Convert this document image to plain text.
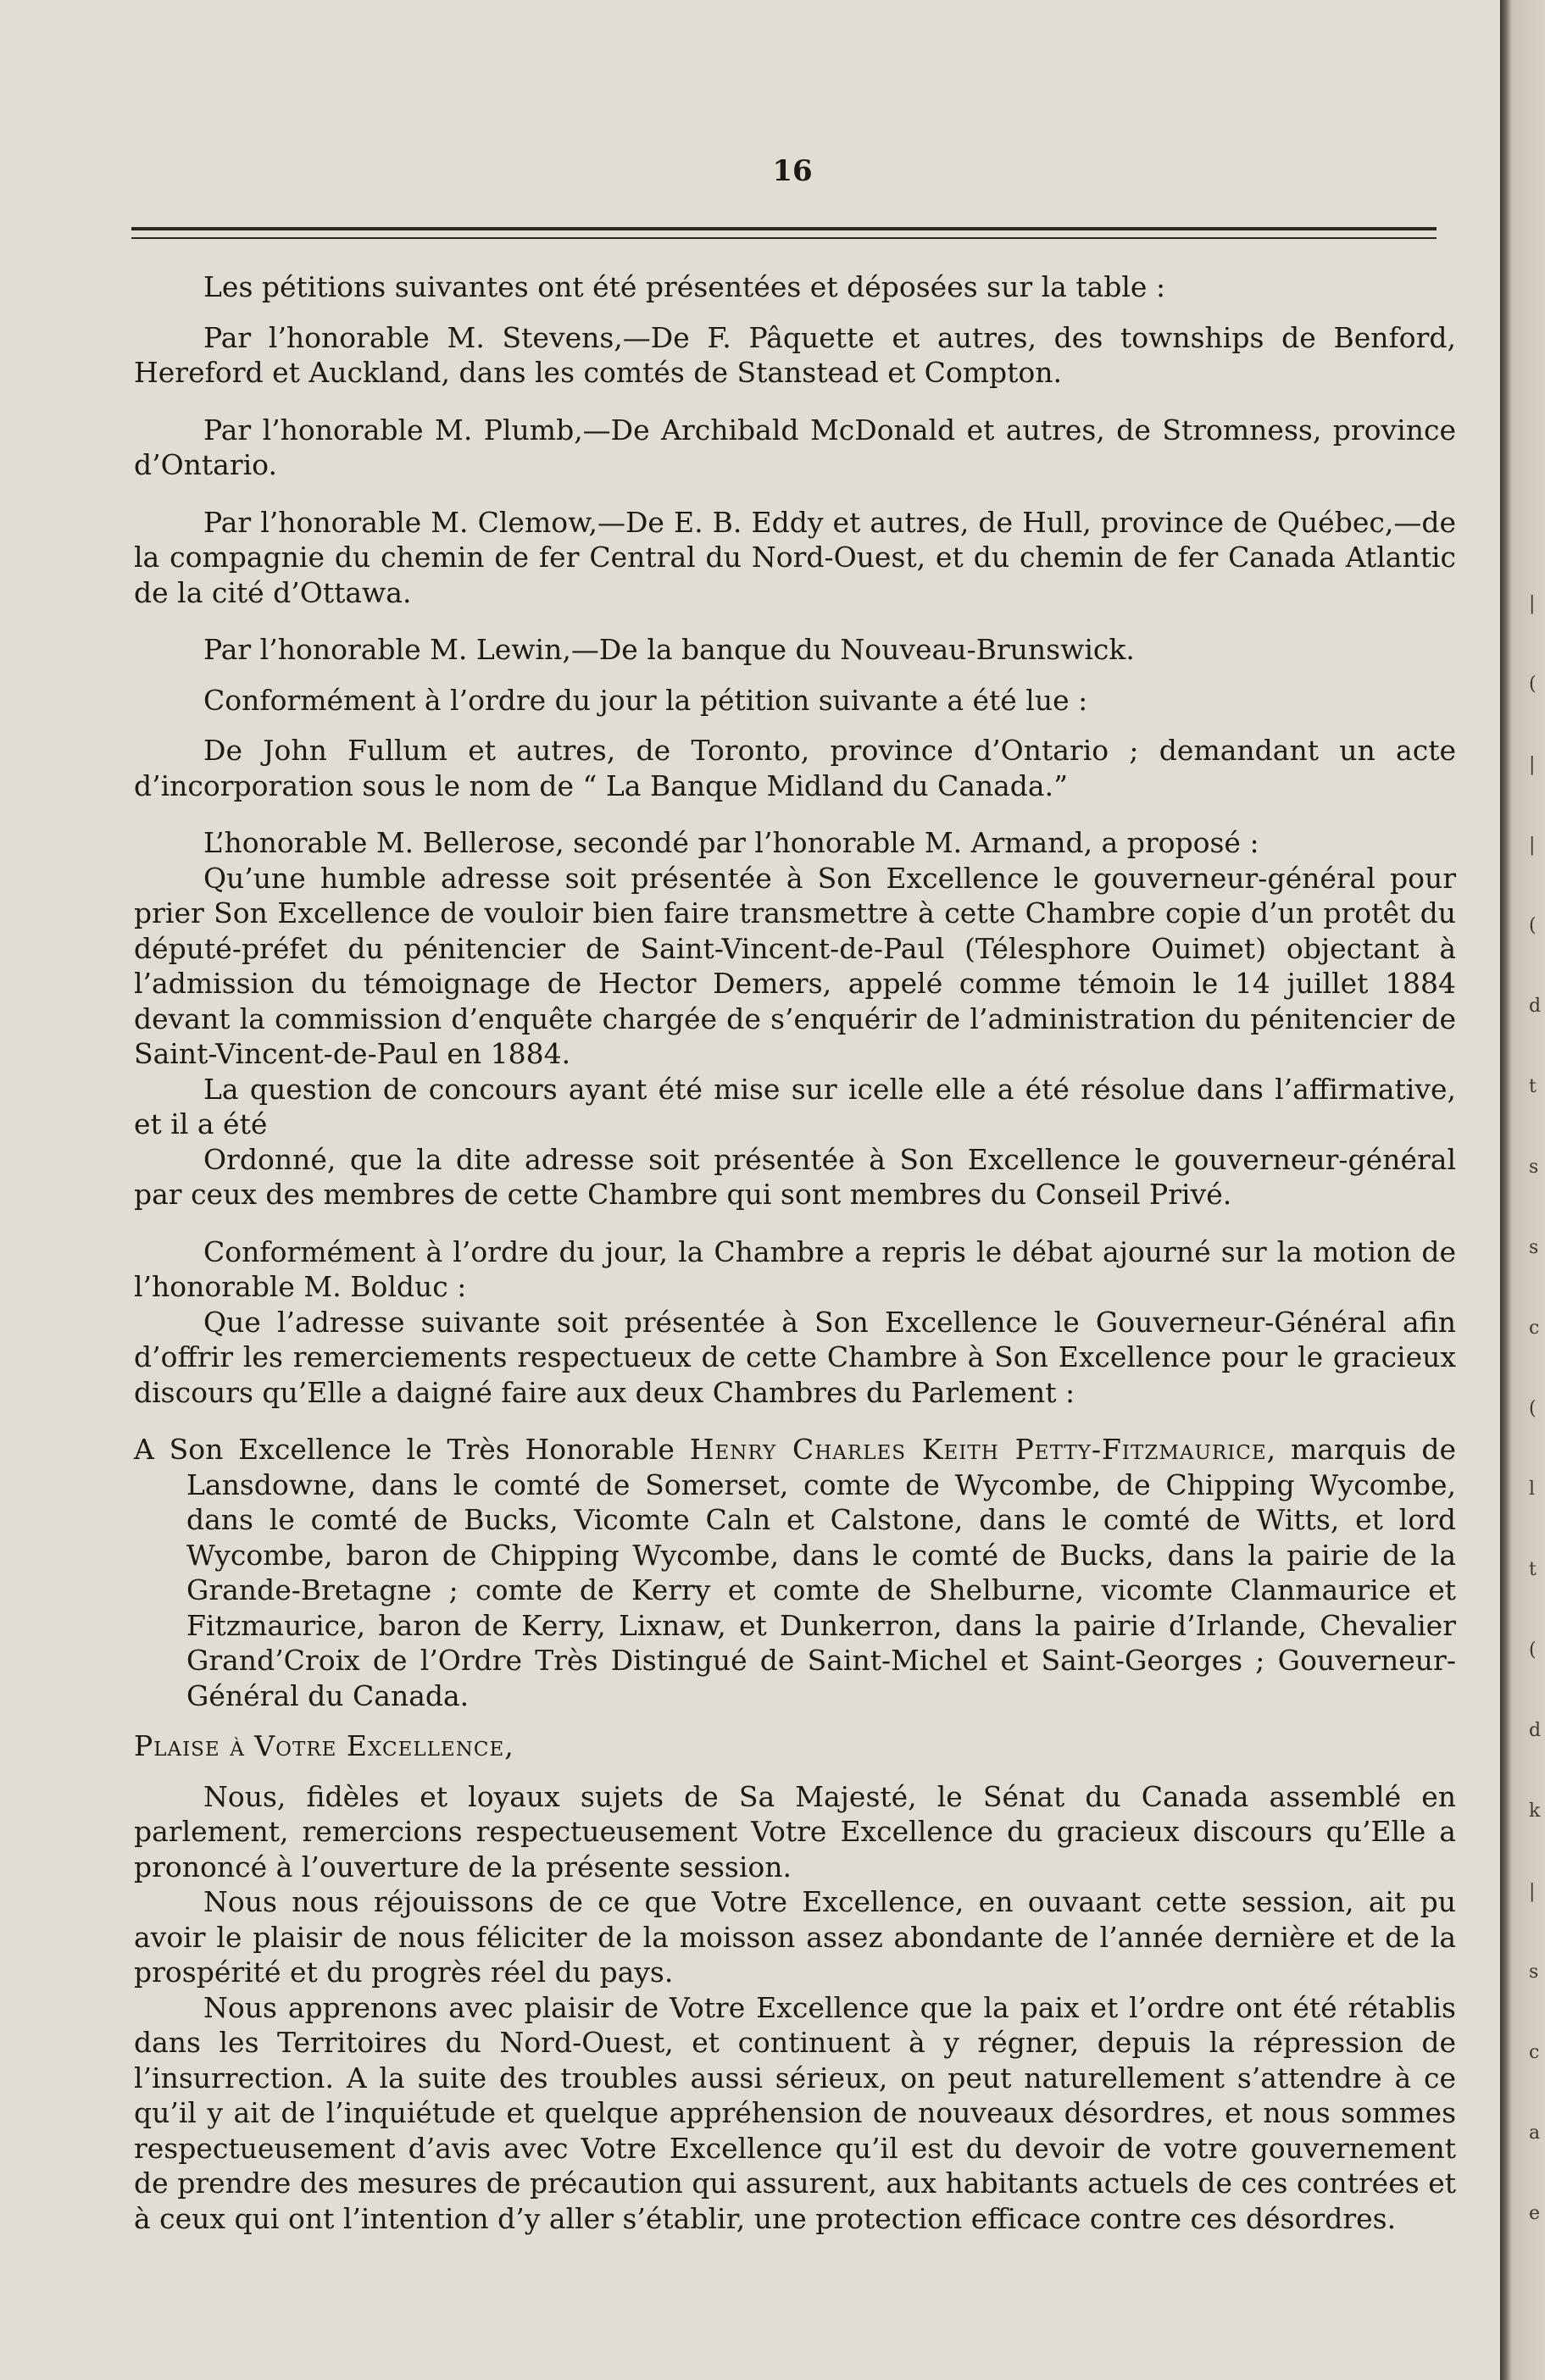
16

Les pétitions suivantes ont été présentées et déposées sur la table :

Par l’honorable M. Stevens,—De F. Pâquette et autres, des townships de Benford, Hereford et Auckland, dans les comtés de Stanstead et Compton.

Par l’honorable M. Plumb,—De Archibald McDonald et autres, de Stromness, province d’Ontario.

Par l’honorable M. Clemow,—De E. B. Eddy et autres, de Hull, province de Québec,—de la compagnie du chemin de fer Central du Nord-Ouest, et du chemin de fer Canada Atlantic de la cité d’Ottawa.

Par l’honorable M. Lewin,—De la banque du Nouveau-Brunswick.

Conformément à l’ordre du jour la pétition suivante a été lue :

De John Fullum et autres, de Toronto, province d’Ontario ; demandant un acte d’incorporation sous le nom de “ La Banque Midland du Canada.”

L’honorable M. Bellerose, secondé par l’honorable M. Armand, a proposé :

Qu’une humble adresse soit présentée à Son Excellence le gouverneur-général pour prier Son Excellence de vouloir bien faire transmettre à cette Chambre copie d’un protêt du député-préfet du pénitencier de Saint-Vincent-de-Paul (Télesphore Ouimet) objectant à l’admission du témoignage de Hector Demers, appelé comme témoin le 14 juillet 1884 devant la commission d’enquête chargée de s’enquérir de l’administration du pénitencier de Saint-Vincent-de-Paul en 1884.

La question de concours ayant été mise sur icelle elle a été résolue dans l’affirmative, et il a été

Ordonné, que la dite adresse soit présentée à Son Excellence le gouverneur-général par ceux des membres de cette Chambre qui sont membres du Conseil Privé.

Conformément à l’ordre du jour, la Chambre a repris le débat ajourné sur la motion de l’honorable M. Bolduc :

Que l’adresse suivante soit présentée à Son Excellence le Gouverneur-Général afin d’offrir les remerciements respectueux de cette Chambre à Son Excellence pour le gracieux discours qu’Elle a daigné faire aux deux Chambres du Parlement :

A Son Excellence le Très Honorable Henry Charles Keith Petty-Fitzmaurice, marquis de Lansdowne, dans le comté de Somerset, comte de Wycombe, de Chipping Wycombe, dans le comté de Bucks, Vicomte Caln et Calstone, dans le comté de Witts, et lord Wycombe, baron de Chipping Wycombe, dans le comté de Bucks, dans la pairie de la Grande-Bretagne ; comte de Kerry et comte de Shelburne, vicomte Clanmaurice et Fitzmaurice, baron de Kerry, Lixnaw, et Dunkerron, dans la pairie d’Irlande, Chevalier Grand’Croix de l’Ordre Très Distingué de Saint-Michel et Saint-Georges ; Gouverneur-Général du Canada.

Plaise à Votre Excellence,

Nous, fidèles et loyaux sujets de Sa Majesté, le Sénat du Canada assemblé en parlement, remercions respectueusement Votre Excellence du gracieux discours qu’Elle a prononcé à l’ouverture de la présente session.

Nous nous réjouissons de ce que Votre Excellence, en ouvaant cette session, ait pu avoir le plaisir de nous féliciter de la moisson assez abondante de l’année dernière et de la prospérité et du progrès réel du pays.

Nous apprenons avec plaisir de Votre Excellence que la paix et l’ordre ont été rétablis dans les Territoires du Nord-Ouest, et continuent à y régner, depuis la répression de l’insurrection. A la suite des troubles aussi sérieux, on peut naturellement s’attendre à ce qu’il y ait de l’inquiétude et quelque appréhension de nouveaux désordres, et nous sommes respectueusement d’avis avec Votre Excellence qu’il est du devoir de votre gouvernement de prendre des mesures de précaution qui assurent, aux habitants actuels de ces contrées et à ceux qui ont l’intention d’y aller s’établir, une protection efficace contre ces désordres.

|
(
|
|
(
d
t
s
s
c
(
l
t
(
d
k
|
s
c
a
e
